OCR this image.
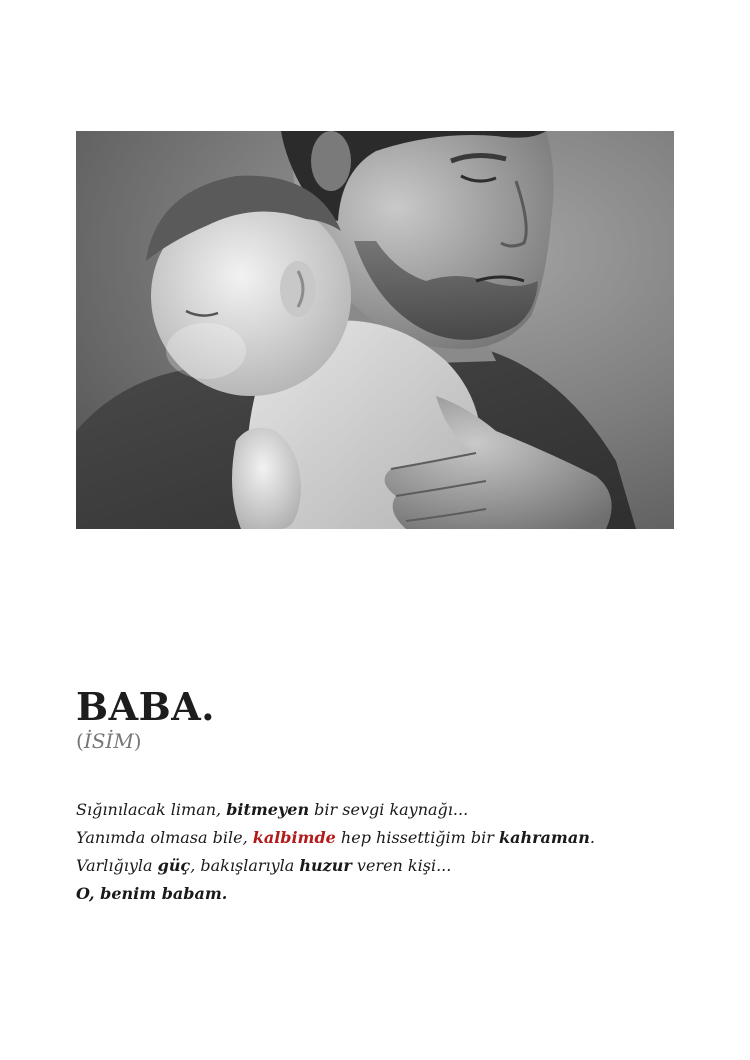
BABA.
(İSİM)
Sığınılacak liman, bitmeyen bir sevgi kaynağı...
Yanımda olmasa bile, kalbimde hep hissettiğim bir kahraman.
Varlığıyla güç, bakışlarıyla huzur veren kişi...
O, benim babam.
